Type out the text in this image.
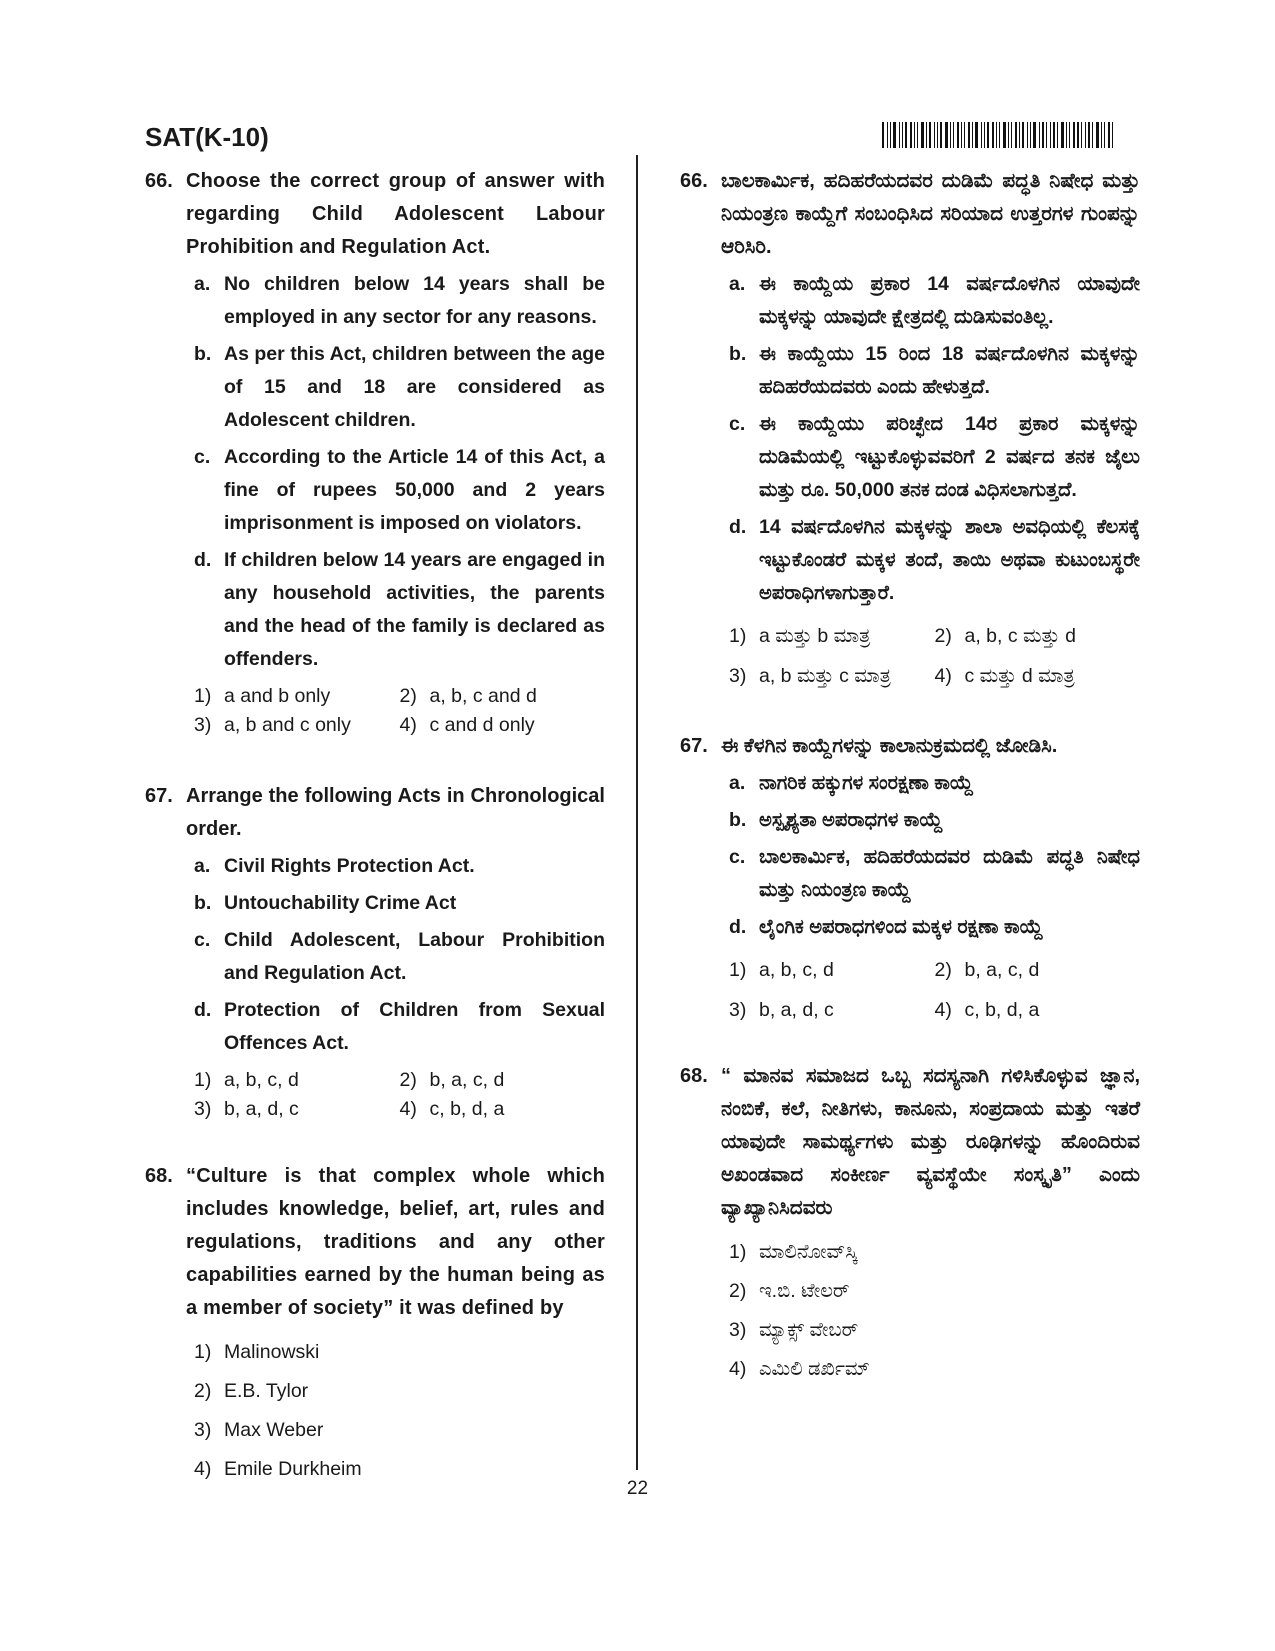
SAT(K-10)
66. Choose the correct group of answer with regarding Child Adolescent Labour Prohibition and Regulation Act.
a. No children below 14 years shall be employed in any sector for any reasons.
b. As per this Act, children between the age of 15 and 18 are considered as Adolescent children.
c. According to the Article 14 of this Act, a fine of rupees 50,000 and 2 years imprisonment is imposed on violators.
d. If children below 14 years are engaged in any household activities, the parents and the head of the family is declared as offenders.
1) a and b only	2) a, b, c and d
3) a, b and c only 4) c and d only
67. Arrange the following Acts in Chronological order.
a. Civil Rights Protection Act.
b. Untouchability Crime Act
c. Child Adolescent, Labour Prohibition and Regulation Act.
d. Protection of Children from Sexual Offences Act.
1) a, b, c, d	2) b, a, c, d
3) b, a, d, c	4) c, b, d, a
68. “Culture is that complex whole which includes knowledge, belief, art, rules and regulations, traditions and any other capabilities earned by the human being as a member of society” it was defined by
1) Malinowski
2) E.B. Tylor
3) Max Weber
4) Emile Durkheim
66. ಬಾಲಕಾರ್ಮಿಕ, ಹದಿಹರೆಯದವರ ದುಡಿಮೆ ಪದ್ಧತಿ ನಿಷೇಧ ಮತ್ತು ನಿಯಂತ್ರಣ ಕಾಯ್ದೆಗೆ ಸಂಬಂಧಿಸಿದ ಸರಿಯಾದ ಉತ್ತರಗಳ ಗುಂಪನ್ನು ಆರಿಸಿರಿ.
a. ಈ ಕಾಯ್ದೆಯ ಪ್ರಕಾರ 14 ವರ್ಷದೊಳಗಿನ ಯಾವುದೇ ಮಕ್ಕಳನ್ನು ಯಾವುದೇ ಕ್ಷೇತ್ರದಲ್ಲಿ ದುಡಿಸುವಂತಿಲ್ಲ.
b. ಈ ಕಾಯ್ದೆಯು 15 ರಿಂದ 18 ವರ್ಷದೊಳಗಿನ ಮಕ್ಕಳನ್ನು ಹದಿಹರೆಯದವರು ಎಂದು ಹೇಳುತ್ತದೆ.
c. ಈ ಕಾಯ್ದೆಯು ಪರಿಚ್ಛೇದ 14ರ ಪ್ರಕಾರ ಮಕ್ಕಳನ್ನು ದುಡಿಮೆಯಲ್ಲಿ ಇಟ್ಟುಕೊಳ್ಳುವವರಿಗೆ 2 ವರ್ಷದ ತನಕ ಜೈಲು ಮತ್ತು ರೂ. 50,000 ತನಕ ದಂಡ ವಿಧಿಸಲಾಗುತ್ತದೆ.
d. 14 ವರ್ಷದೊಳಗಿನ ಮಕ್ಕಳನ್ನು ಶಾಲಾ ಅವಧಿಯಲ್ಲಿ ಕೆಲಸಕ್ಕೆ ಇಟ್ಟುಕೊಂಡರೆ ಮಕ್ಕಳ ತಂದೆ, ತಾಯಿ ಅಥವಾ ಕುಟುಂಬಸ್ಥರೇ ಅಪರಾಧಿಗಳಾಗುತ್ತಾರೆ.
1) a ಮತ್ತು b ಮಾತ್ರ	2) a, b, c ಮತ್ತು d
3) a, b ಮತ್ತು c ಮಾತ್ರ 4) c ಮತ್ತು d ಮಾತ್ರ
67. ಈ ಕೆಳಗಿನ ಕಾಯ್ದೆಗಳನ್ನು ಕಾಲಾನುಕ್ರಮದಲ್ಲಿ ಜೋಡಿಸಿ.
a. ನಾಗರಿಕ ಹಕ್ಕುಗಳ ಸಂರಕ್ಷಣಾ ಕಾಯ್ದೆ
b. ಅಸ್ಪೃಶ್ಯತಾ ಅಪರಾಧಗಳ ಕಾಯ್ದೆ
c. ಬಾಲಕಾರ್ಮಿಕ, ಹದಿಹರೆಯದವರ ದುಡಿಮೆ ಪದ್ಧತಿ ನಿಷೇಧ ಮತ್ತು ನಿಯಂತ್ರಣ ಕಾಯ್ದೆ
d. ಲೈಂಗಿಕ ಅಪರಾಧಗಳಿಂದ ಮಕ್ಕಳ ರಕ್ಷಣಾ ಕಾಯ್ದೆ
1) a, b, c, d	2) b, a, c, d
3) b, a, d, c	4) c, b, d, a
68. “ ಮಾನವ ಸಮಾಜದ ಒಬ್ಬ ಸದಸ್ಯನಾಗಿ ಗಳಿಸಿಕೊಳ್ಳುವ ಜ್ಞಾನ, ನಂಬಿಕೆ, ಕಲೆ, ನೀತಿಗಳು, ಕಾನೂನು, ಸಂಪ್ರದಾಯ ಮತ್ತು ಇತರೆ ಯಾವುದೇ ಸಾಮರ್ಥ್ಯಗಳು ಮತ್ತು ರೂಢಿಗಳನ್ನು ಹೊಂದಿರುವ ಅಖಂಡವಾದ ಸಂಕೀರ್ಣ ವ್ಯವಸ್ಥೆಯೇ ಸಂಸ್ಕೃತಿ” ಎಂದು ವ್ಯಾಖ್ಯಾನಿಸಿದವರು
1) ಮಾಲಿನೋವ್‌ಸ್ಕಿ
2) ಇ.ಬಿ. ಟೇಲರ್
3) ಮ್ಯಾಕ್ಸ್ ವೇಬರ್
4) ಎಮಿಲಿ ಡರ್ಖಿಮ್
22
